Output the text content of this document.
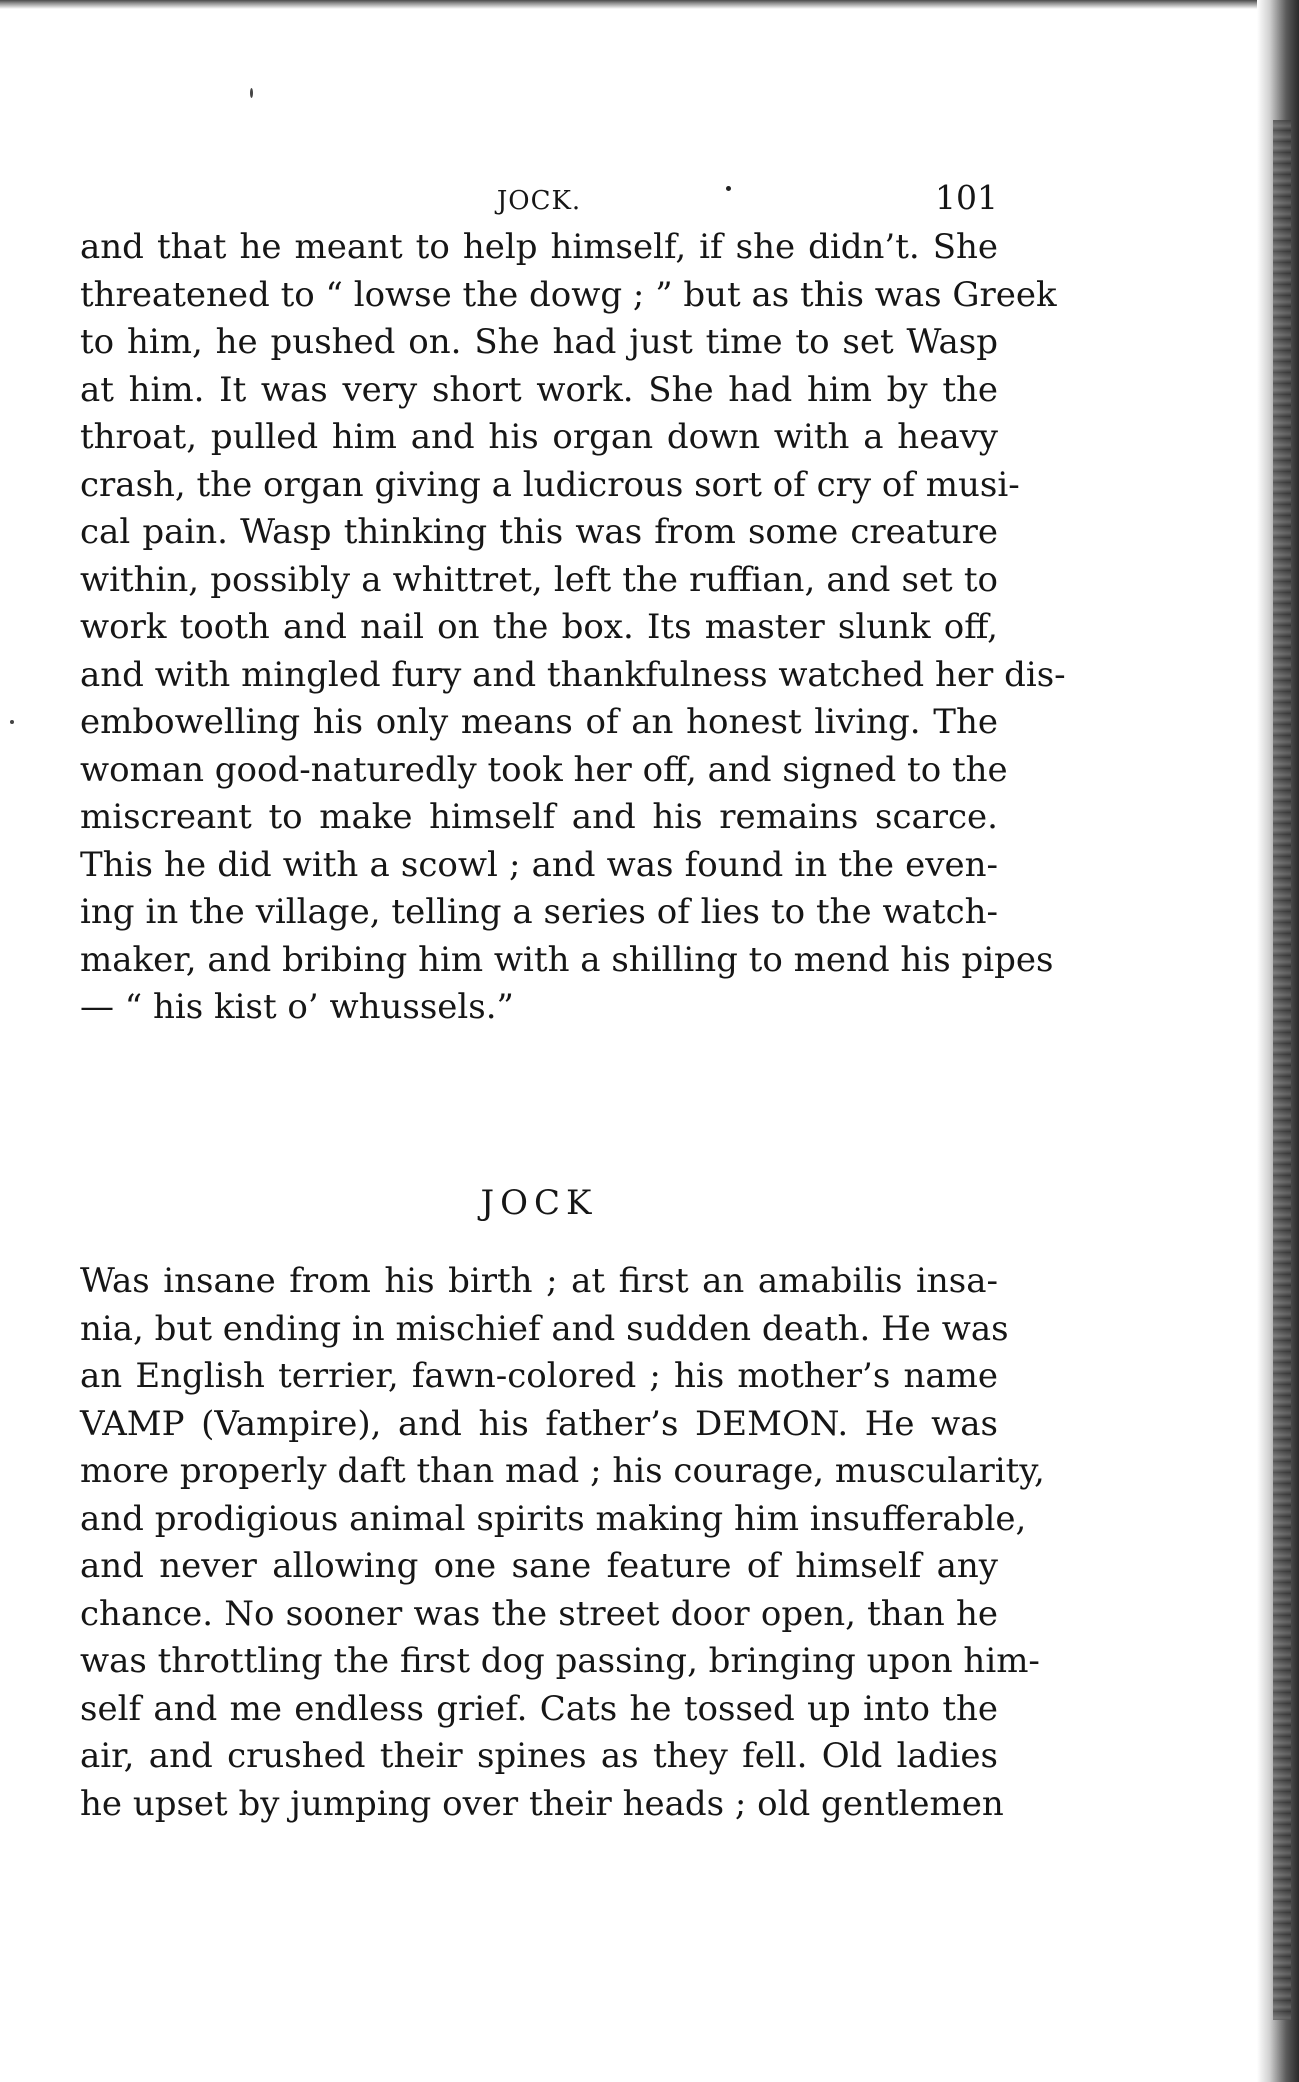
JOCK.	101
and that he meant to help himself, if she didn’t. She
threatened to “ lowse the dowg ; ” but as this was Greek
to him, he pushed on. She had just time to set Wasp
at him. It was very short work. She had him by the
throat, pulled him and his organ down with a heavy
crash, the organ giving a ludicrous sort of cry of musi-
cal pain. Wasp thinking this was from some creature
within, possibly a whittret, left the ruffian, and set to
work tooth and nail on the box. Its master slunk off,
and with mingled fury and thankfulness watched her dis-
embowelling his only means of an honest living. The
woman good-naturedly took her off, and signed to the
miscreant to make himself and his remains scarce.
This he did with a scowl ; and was found in the even-
ing in the village, telling a series of lies to the watch-
maker, and bribing him with a shilling to mend his pipes
— “ his kist o’ whussels.”
JOCK
Was insane from his birth ; at first an amabilis insa-
nia, but ending in mischief and sudden death. He was
an English terrier, fawn-colored ; his mother’s name
VAMP (Vampire), and his father’s DEMON. He was
more properly daft than mad ; his courage, muscularity,
and prodigious animal spirits making him insufferable,
and never allowing one sane feature of himself any
chance. No sooner was the street door open, than he
was throttling the first dog passing, bringing upon him-
self and me endless grief. Cats he tossed up into the
air, and crushed their spines as they fell. Old ladies
he upset by jumping over their heads ; old gentlemen
